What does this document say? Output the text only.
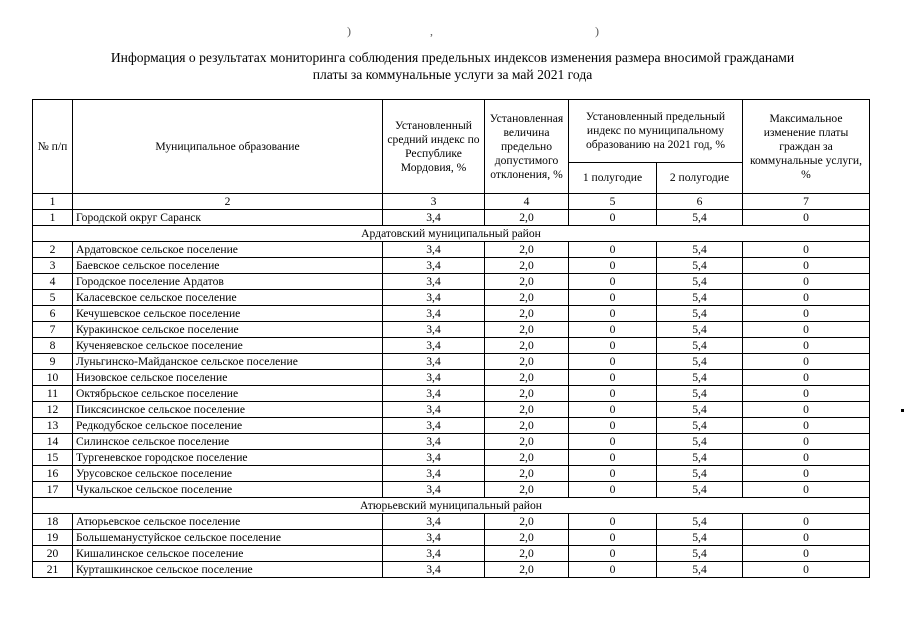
)	,	)
Информация о результатах мониторинга соблюдения предельных индексов изменения размера вносимой гражданами
платы за коммунальные услуги за май 2021 года
№ п/п	Муниципальное образование	Установленный средний индекс по Республике Мордовия, %	Установленная величина предельно допустимого отклонения, %	Установленный предельный индекс по муниципальному образованию на 2021 год, %		Максимальное изменение платы граждан за коммунальные услуги, %
				1 полугодие	2 полугодие	
1	2	3	4	5	6	7
1	Городской округ Саранск	3,4	2,0	0	5,4	0
Ардатовский муниципальный район						
2	Ардатовское сельское поселение	3,4	2,0	0	5,4	0
3	Баевское сельское поселение	3,4	2,0	0	5,4	0
4	Городское поселение Ардатов	3,4	2,0	0	5,4	0
5	Каласевское сельское поселение	3,4	2,0	0	5,4	0
6	Кечушевское сельское поселение	3,4	2,0	0	5,4	0
7	Куракинское сельское поселение	3,4	2,0	0	5,4	0
8	Кученяевское сельское поселение	3,4	2,0	0	5,4	0
9	Луньгинско-Майданское сельское поселение	3,4	2,0	0	5,4	0
10	Низовское сельское поселение	3,4	2,0	0	5,4	0
11	Октябрьское сельское поселение	3,4	2,0	0	5,4	0
12	Пиксясинское сельское поселение	3,4	2,0	0	5,4	0
13	Редкодубское сельское поселение	3,4	2,0	0	5,4	0
14	Силинское сельское поселение	3,4	2,0	0	5,4	0
15	Тургеневское городское поселение	3,4	2,0	0	5,4	0
16	Урусовское сельское поселение	3,4	2,0	0	5,4	0
17	Чукальское сельское поселение	3,4	2,0	0	5,4	0
Атюрьевский муниципальный район						
18	Атюрьевское сельское поселение	3,4	2,0	0	5,4	0
19	Большеманустуйское сельское поселение	3,4	2,0	0	5,4	0
20	Кишалинское сельское поселение	3,4	2,0	0	5,4	0
21	Курташкинское сельское поселение	3,4	2,0	0	5,4	0
